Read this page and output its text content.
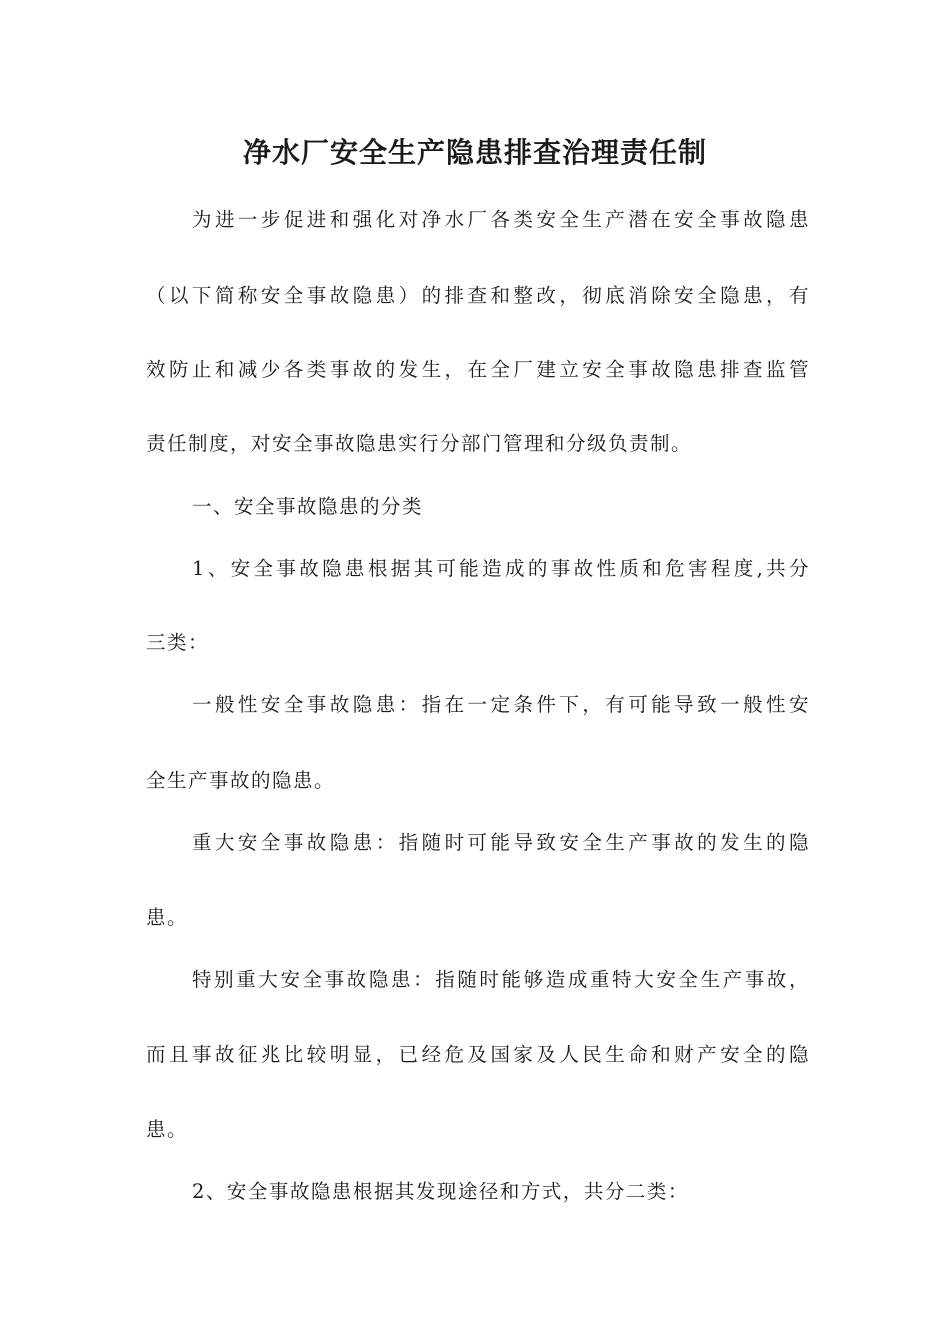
净水厂安全生产隐患排查治理责任制

为进一步促进和强化对净水厂各类安全生产潜在安全事故隐患

（以下简称安全事故隐患）的排查和整改，彻底消除安全隐患，有

效防止和减少各类事故的发生，在全厂建立安全事故隐患排查监管

责任制度，对安全事故隐患实行分部门管理和分级负责制。

一、安全事故隐患的分类

1、安全事故隐患根据其可能造成的事故性质和危害程度,共分

三类：

一般性安全事故隐患：指在一定条件下，有可能导致一般性安

全生产事故的隐患。

重大安全事故隐患：指随时可能导致安全生产事故的发生的隐

患。

特别重大安全事故隐患：指随时能够造成重特大安全生产事故，

而且事故征兆比较明显，已经危及国家及人民生命和财产安全的隐

患。

2、安全事故隐患根据其发现途径和方式，共分二类：
